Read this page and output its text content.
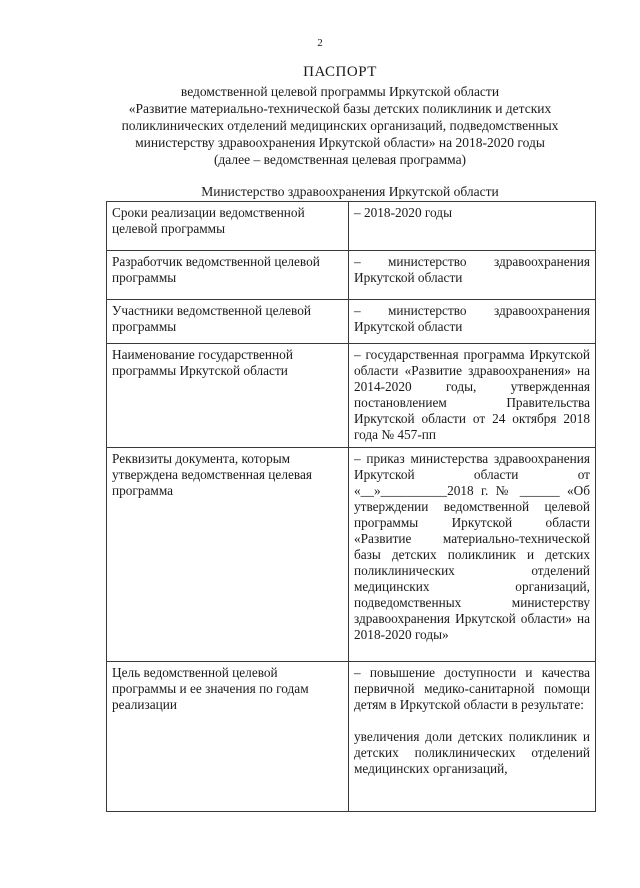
2
ПАСПОРТ
ведомственной целевой программы Иркутской области
«Развитие материально-технической базы детских поликлиник и детских
поликлинических отделений медицинских организаций, подведомственных
министерству здравоохранения Иркутской области» на 2018-2020 годы
(далее – ведомственная целевая программа)
Министерство здравоохранения Иркутской области
Сроки реализации ведомственной целевой программы	– 2018-2020 годы

Разработчик ведомственной целевой программы	– министерство здравоохранения Иркутской области

Участники ведомственной целевой программы	– министерство здравоохранения Иркутской области

Наименование государственной программы Иркутской области	– государственная программа Иркутской области «Развитие здравоохранения» на 2014-2020 годы, утвержденная постановлением Правительства Иркутской области от 24 октября 2018 года № 457-пп

Реквизиты документа, которым утверждена ведомственная целевая программа	– приказ министерства здравоохранения Иркутской области от «__»__________2018 г. № ______ «Об утверждении ведомственной целевой программы Иркутской области «Развитие материально-технической базы детских поликлиник и детских поликлинических отделений медицинских организаций, подведомственных министерству здравоохранения Иркутской области» на 2018-2020 годы»

Цель ведомственной целевой программы и ее значения по годам реализации	– повышение доступности и качества первичной медико-санитарной помощи детям в Иркутской области в результате:
увеличения доли детских поликлиник и детских поликлинических отделений медицинских организаций,
